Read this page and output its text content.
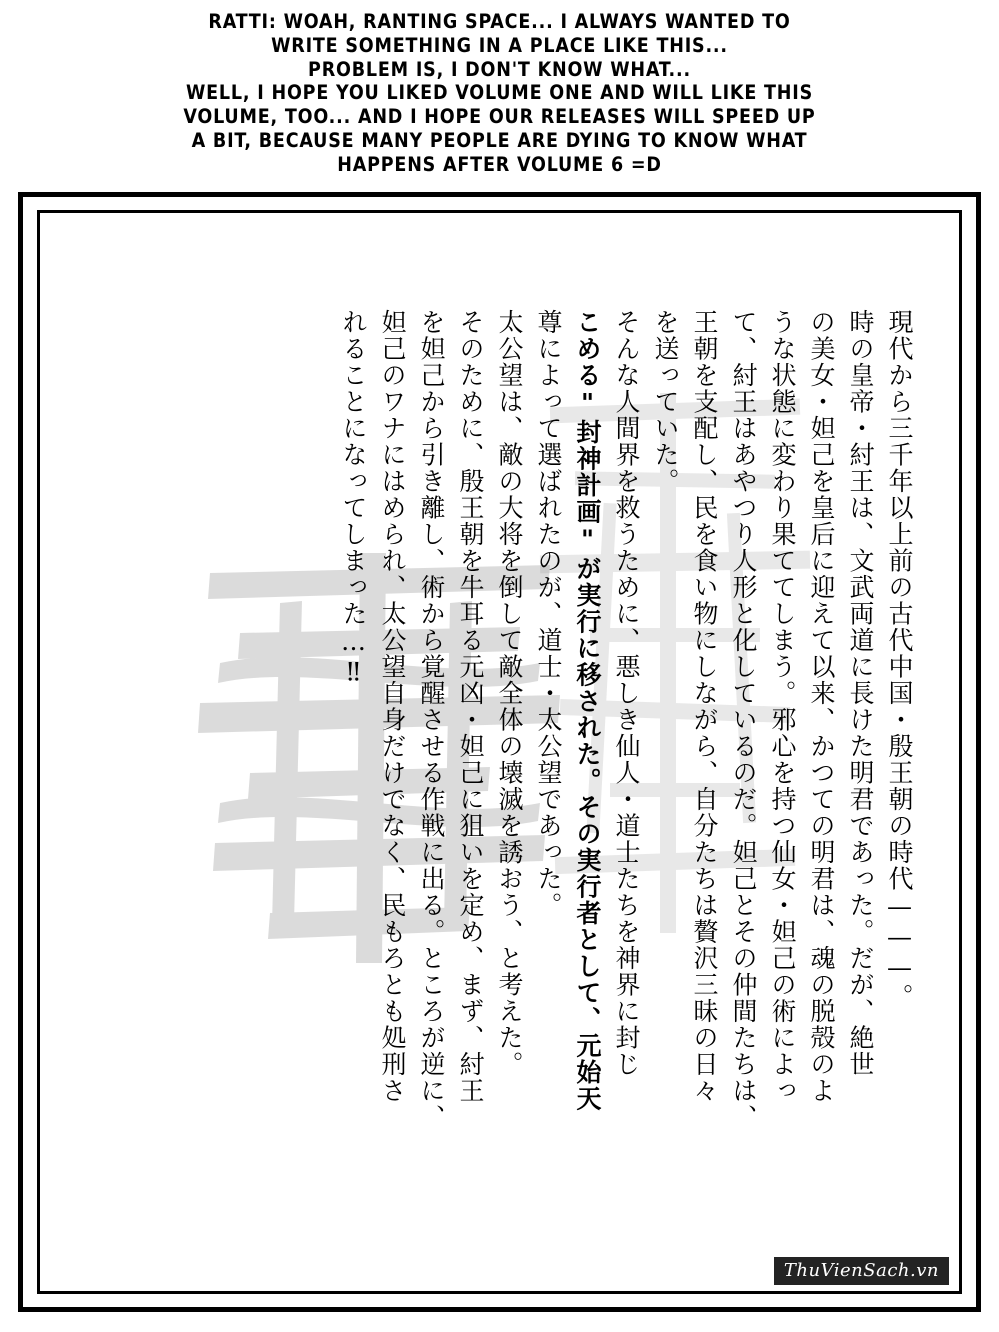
RATTI: WOAH, RANTING SPACE... I ALWAYS WANTED TO
WRITE SOMETHING IN A PLACE LIKE THIS...
PROBLEM IS, I DON'T KNOW WHAT...
WELL, I HOPE YOU LIKED VOLUME ONE AND WILL LIKE THIS
VOLUME, TOO... AND I HOPE OUR RELEASES WILL SPEED UP
A BIT, BECAUSE MANY PEOPLE ARE DYING TO KNOW WHAT
HAPPENS AFTER VOLUME 6 =D
現代から三千年以上前の古代中国・殷王朝の時代———。
時の皇帝・紂王は、文武両道に長けた明君であった。だが、絶世
の美女・妲己を皇后に迎えて以来、かつての明君は、魂の脱殻のよ
うな状態に変わり果ててしまう。邪心を持つ仙女・妲己の術によっ
て、紂王はあやつり人形と化しているのだ。妲己とその仲間たちは、
王朝を支配し、民を食い物にしながら、自分たちは贅沢三昧の日々
を送っていた。
そんな人間界を救うために、悪しき仙人・道士たちを神界に封じ
こめる"封神計画"が実行に移された。その実行者として、元始天
尊によって選ばれたのが、道士・太公望であった。
太公望は、敵の大将を倒して敵全体の壊滅を誘おう、と考えた。
そのために、殷王朝を牛耳る元凶・妲己に狙いを定め、まず、紂王
を妲己から引き離し、術から覚醒させる作戦に出る。ところが逆に、
妲己のワナにはめられ、太公望自身だけでなく、民もろとも処刑さ
れることになってしまった…‼
ThuVienSach.vn
